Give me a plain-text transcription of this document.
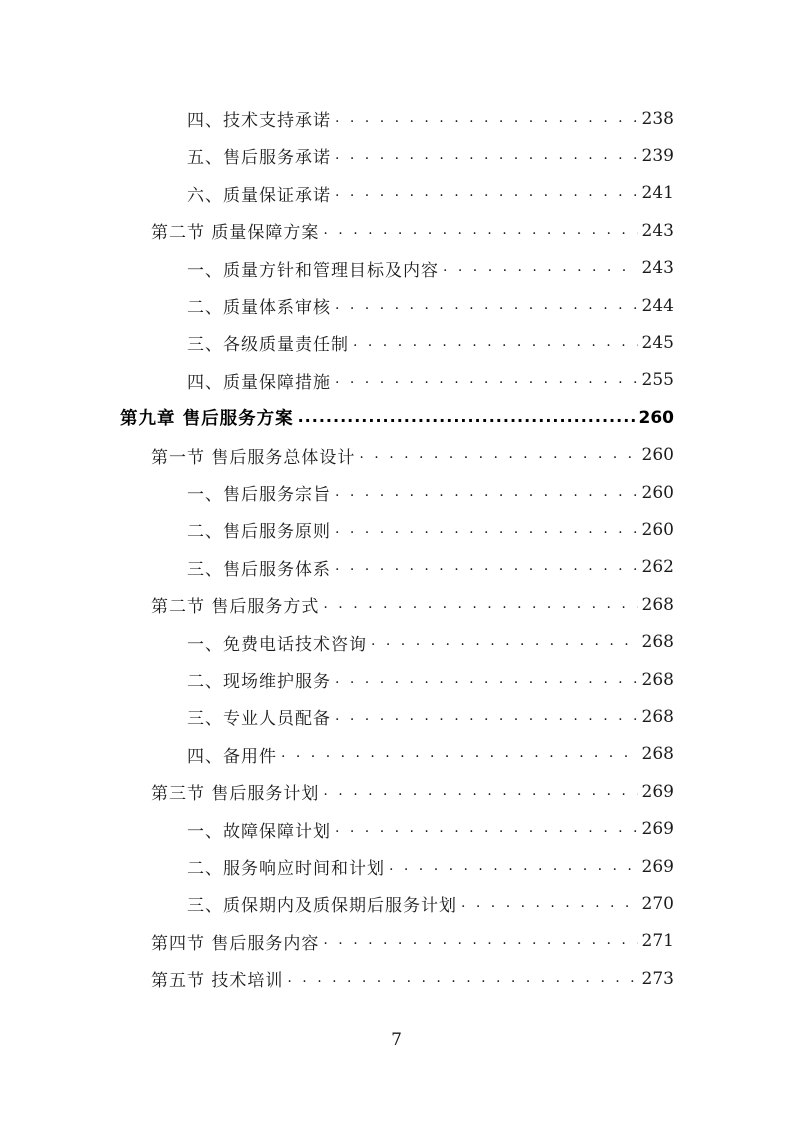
四、技术支持承诺 . . .	238
五、售后服务承诺 . . .	239
六、质量保证承诺 . . .	241
第二节 质量保障方案 . . .	243
一、质量方针和管理目标及内容 . . .	243
二、质量体系审核 . . .	244
三、各级质量责任制 . . .	245
四、质量保障措施 . . .	255
第九章 售后服务方案 .....	260
第一节 售后服务总体设计 . . .	260
一、售后服务宗旨 . . .	260
二、售后服务原则 . . .	260
三、售后服务体系 . . .	262
第二节 售后服务方式 . . .	268
一、免费电话技术咨询 . . .	268
二、现场维护服务 . . .	268
三、专业人员配备 . . .	268
四、备用件 . . .	268
第三节 售后服务计划 . . .	269
一、故障保障计划 . . .	269
二、服务响应时间和计划 . . .	269
三、质保期内及质保期后服务计划 . . .	270
第四节 售后服务内容 . . .	271
第五节 技术培训 . . .	273
7
